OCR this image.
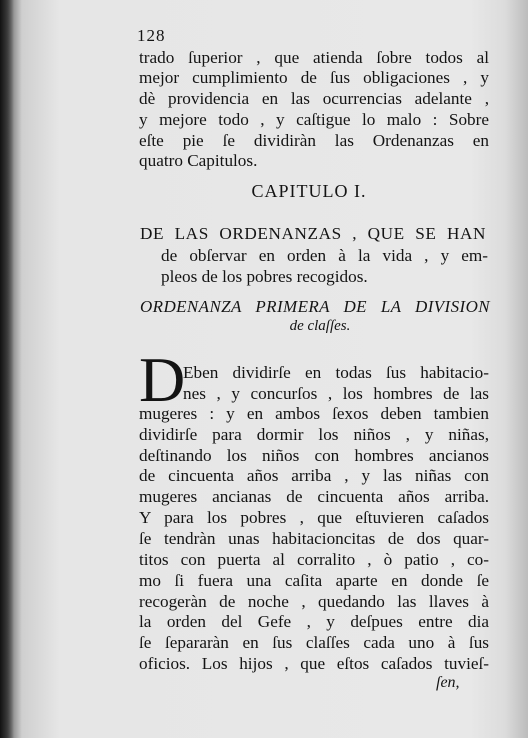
128
trado ſuperior , que atienda ſobre todos al
mejor cumplimiento de ſus obligaciones , y
dè providencia en las ocurrencias adelante ,
y mejore todo , y caſtigue lo malo : Sobre
eſte pie ſe dividiràn las Ordenanzas en
quatro Capitulos.
CAPITULO I.
DE LAS ORDENANZAS , QUE SE HAN
de obſervar en orden à la vida , y em-
pleos de los pobres recogidos.
ORDENANZA PRIMERA DE LA DIVISION
de claſſes.
D
Eben dividirſe en todas ſus habitacio-
nes , y concurſos , los hombres de las
mugeres : y en ambos ſexos deben tambien
dividirſe para dormir los niños , y niñas,
deſtinando los niños con hombres ancianos
de cincuenta años arriba , y las niñas con
mugeres ancianas de cincuenta años arriba.
Y para los pobres , que eſtuvieren caſados
ſe tendràn unas habitacioncitas de dos quar-
titos con puerta al corralito , ò patio , co-
mo ſi fuera una caſita aparte en donde ſe
recogeràn de noche , quedando las llaves à
la orden del Gefe , y deſpues entre dia
ſe ſepararàn en ſus claſſes cada uno à ſus
oficios. Los hijos , que eſtos caſados tuvieſ-
ſen,
